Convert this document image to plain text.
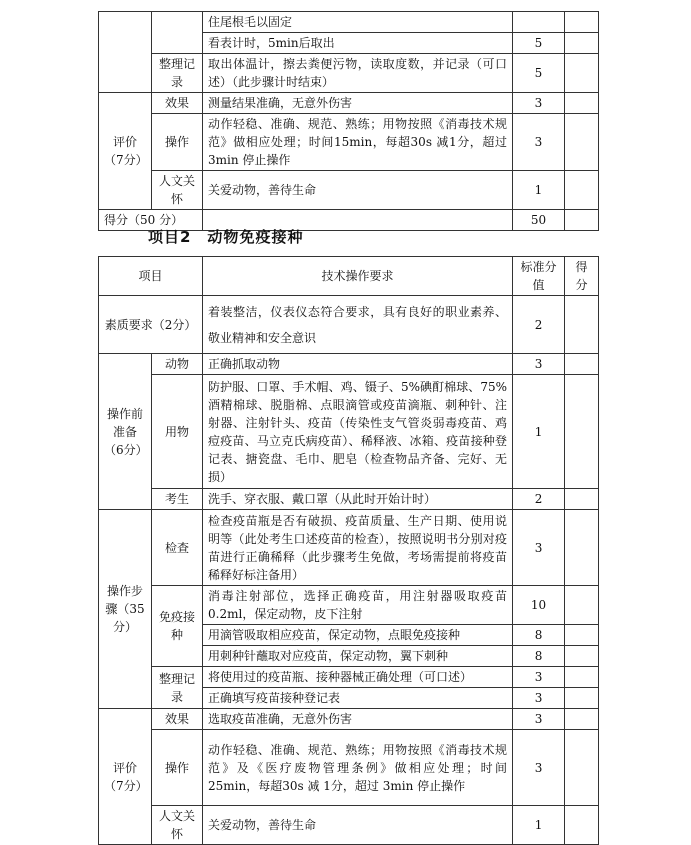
		住尾根毛以固定		
		看表计时，5min后取出	5	
	整理记录	取出体温计，擦去粪便污物，读取度数，并记录（可口述）（此步骤计时结束）	5	

评价（7分）	效果	测量结果准确，无意外伤害	3	
	操作	动作轻稳、准确、规范、熟练；用物按照《消毒技术规范》做相应处理；时间15min，每超30s 减1分，超过 3min 停止操作	3	
	人文关怀	关爱动物，善待生命	1	
得分（50 分）			50	
项目2　动物免疫接种
项目		技术操作要求	标准分值	得分
素质要求（2分）		着装整洁，仪表仪态符合要求，具有良好的职业素养、敬业精神和安全意识	2	
操作前准备（6分）	动物	正确抓取动物	3	
	用物	防护服、口罩、手术帽、鸡、镊子、5%碘酊棉球、75%酒精棉球、脱脂棉、点眼滴管或疫苗滴瓶、刺种针、注射器、注射针头、疫苗（传染性支气管炎弱毒疫苗、鸡痘疫苗、马立克氏病疫苗）、稀释液、冰箱、疫苗接种登记表、搪瓷盘、毛巾、肥皂（检查物品齐备、完好、无损）	1	
	考生	洗手、穿衣服、戴口罩（从此时开始计时）	2	
操作步骤（35分）	检查	检查疫苗瓶是否有破损、疫苗质量、生产日期、使用说明等（此处考生口述疫苗的检查），按照说明书分别对疫苗进行正确稀释（此步骤考生免做，考场需提前将疫苗稀释好标注备用）	3	
	免疫接种	消毒注射部位，选择正确疫苗，用注射器吸取疫苗0.2ml，保定动物，皮下注射	10	
		用滴管吸取相应疫苗，保定动物，点眼免疫接种	8	
		用刺种针蘸取对应疫苗，保定动物，翼下刺种	8	
	整理记录	将使用过的疫苗瓶、接种器械正确处理（可口述）	3	
		正确填写疫苗接种登记表	3	
评价（7分）	效果	选取疫苗准确，无意外伤害	3	
	操作	动作轻稳、准确、规范、熟练；用物按照《消毒技术规范》及《医疗废物管理条例》做相应处理；时间25min，每超30s 减 1分，超过 3min 停止操作	3	
	人文关怀	关爱动物，善待生命	1	
